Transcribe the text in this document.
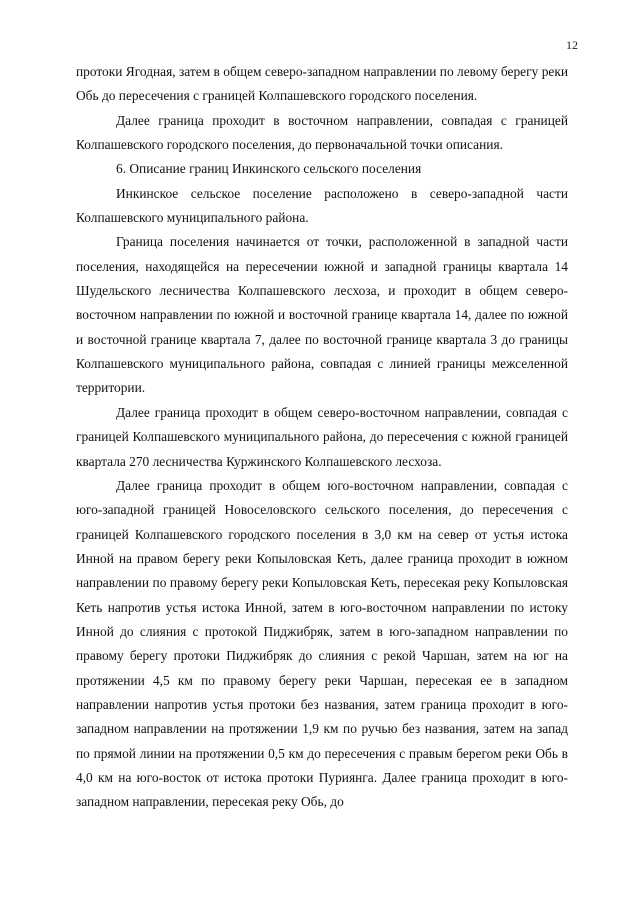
12

протоки Ягодная, затем в общем северо-западном направлении по левому берегу реки Обь до пересечения с границей Колпашевского городского поселения.

Далее граница проходит в восточном направлении, совпадая с границей Колпашевского городского поселения, до первоначальной точки описания.

6. Описание границ Инкинского сельского поселения

Инкинское сельское поселение расположено в северо-западной части Колпашевского муниципального района.

Граница поселения начинается от точки, расположенной в западной части поселения, находящейся на пересечении южной и западной границы квартала 14 Шудельского лесничества Колпашевского лесхоза, и проходит в общем северо-восточном направлении по южной и восточной границе квартала 14, далее по южной и восточной границе квартала 7, далее по восточной границе квартала 3 до границы Колпашевского муниципального района, совпадая с линией границы межселенной территории.

Далее граница проходит в общем северо-восточном направлении, совпадая с границей Колпашевского муниципального района, до пересечения с южной границей квартала 270 лесничества Куржинского Колпашевского лесхоза.

Далее граница проходит в общем юго-восточном направлении, совпадая с юго-западной границей Новоселовского сельского поселения, до пересечения с границей Колпашевского городского поселения в 3,0 км на север от устья истока Инной на правом берегу реки Копыловская Кеть, далее граница проходит в южном направлении по правому берегу реки Копыловская Кеть, пересекая реку Копыловская Кеть напротив устья истока Инной, затем в юго-восточном направлении по истоку Инной до слияния с протокой Пиджибряк, затем в юго-западном направлении по правому берегу протоки Пиджибряк до слияния с рекой Чаршан, затем на юг на протяжении 4,5 км по правому берегу реки Чаршан, пересекая ее в западном направлении напротив устья протоки без названия, затем граница проходит в юго-западном направлении на протяжении 1,9 км по ручью без названия, затем на запад по прямой линии на протяжении 0,5 км до пересечения с правым берегом реки Обь в 4,0 км на юго-восток от истока протоки Пуриянга. Далее граница проходит в юго-западном направлении, пересекая реку Обь, до
